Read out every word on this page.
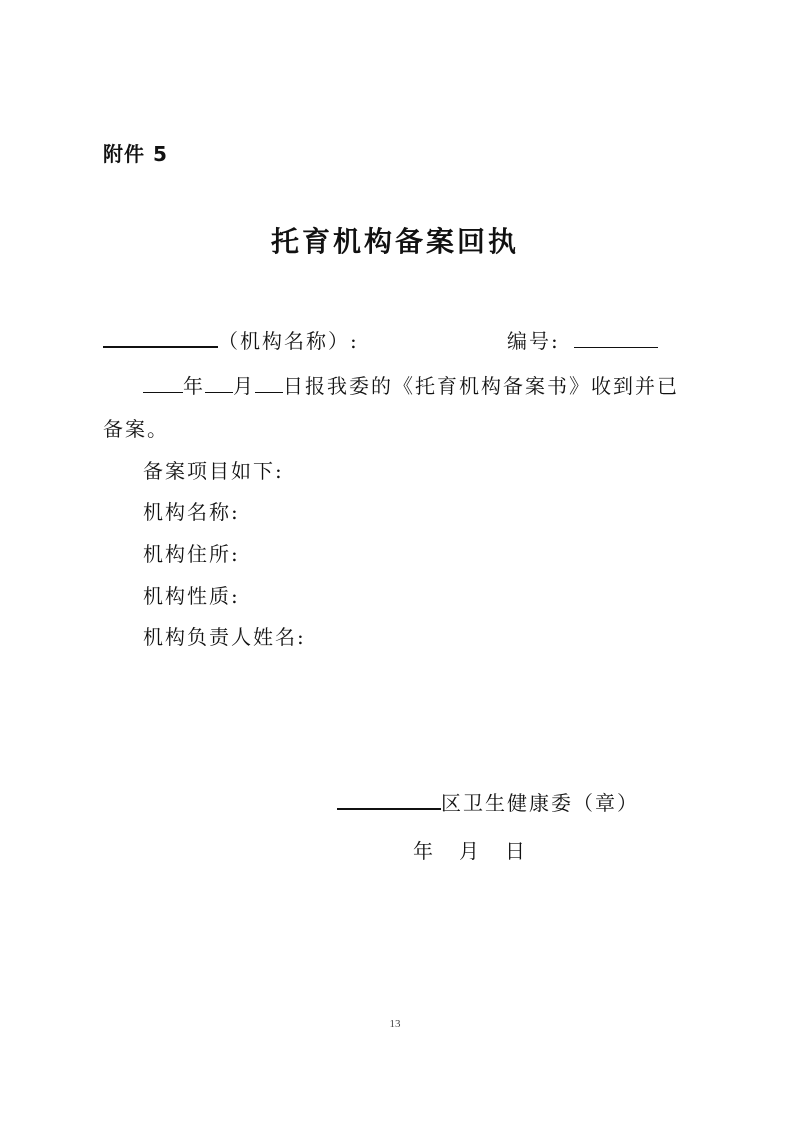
附件 5
托育机构备案回执
（机构名称）:	编号:
年 月 日报我委的《托育机构备案书》收到并已
备案。
备案项目如下:
机构名称:
机构住所:
机构性质:
机构负责人姓名:
区卫生健康委（章）
年 月 日
13
